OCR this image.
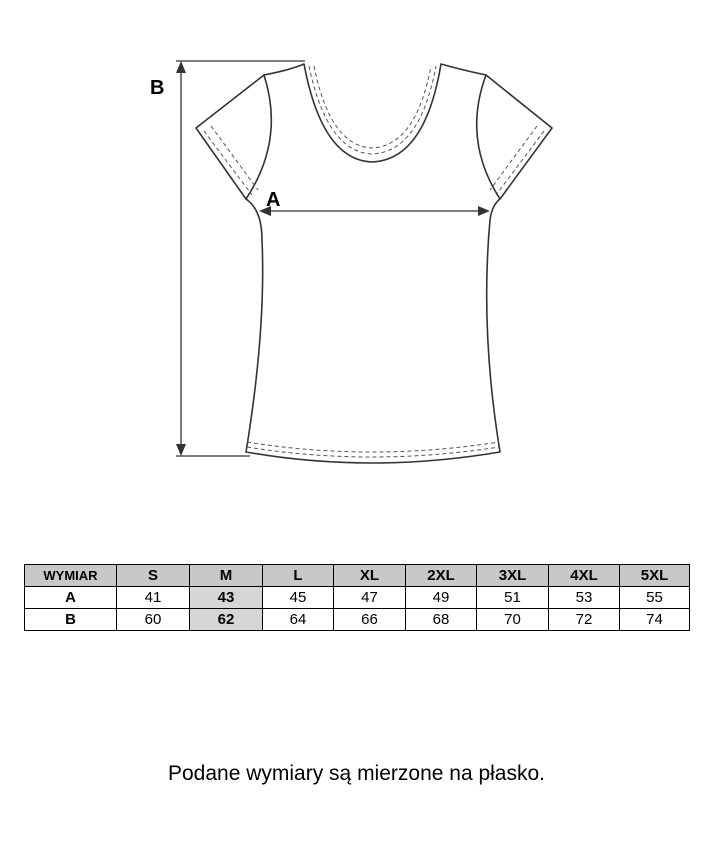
B
A
WYMIAR	S	M	L	XL	2XL	3XL	4XL	5XL
A	41	43	45	47	49	51	53	55
B	60	62	64	66	68	70	72	74
Podane wymiary są mierzone na płasko.
